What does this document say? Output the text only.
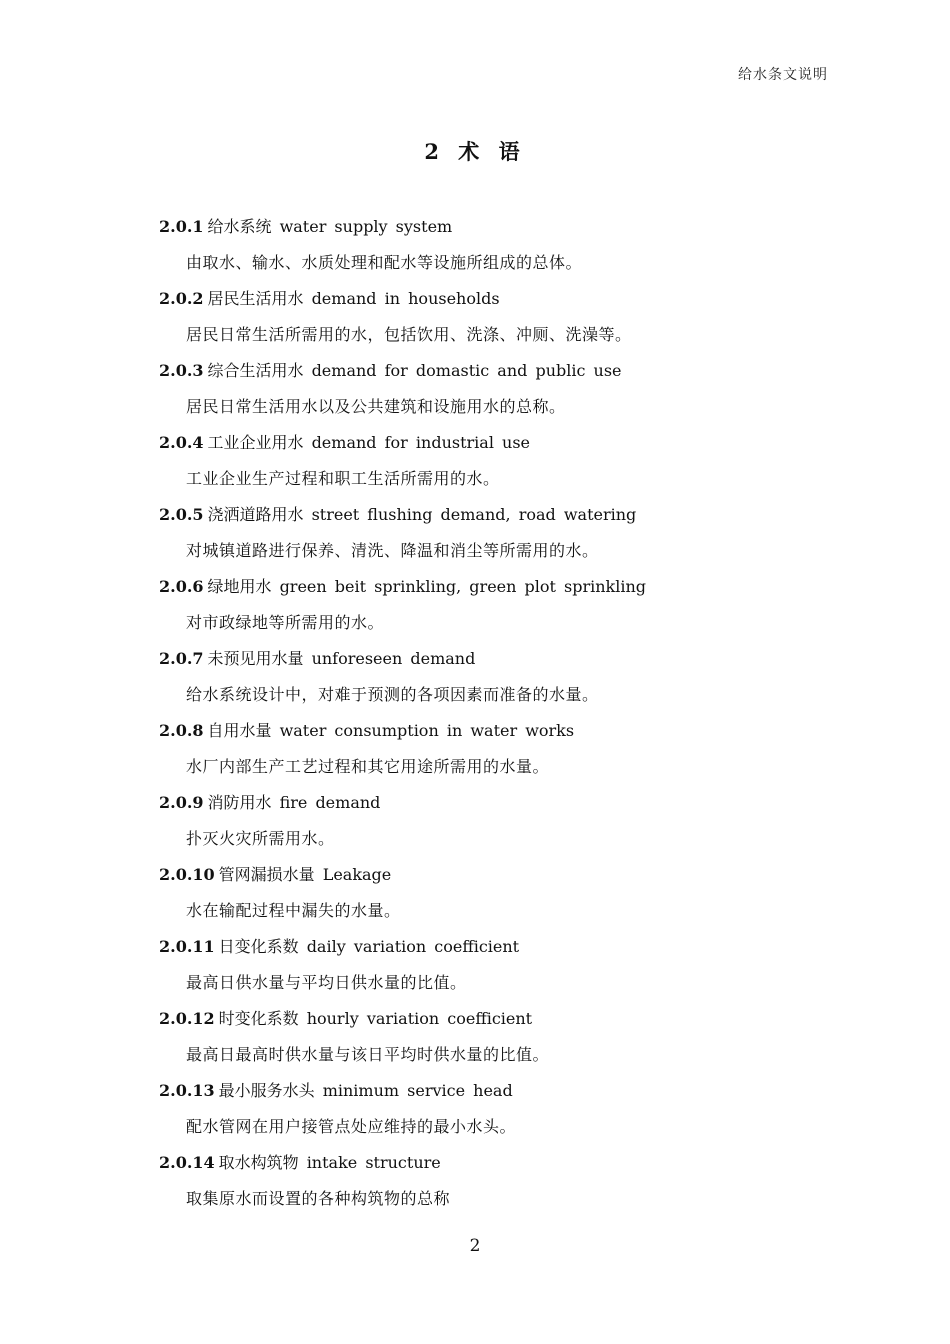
给水条文说明
2 术 语
2.0.1 给水系统 water supply system
由取水、输水、水质处理和配水等设施所组成的总体。
2.0.2 居民生活用水 demand in households
居民日常生活所需用的水，包括饮用、洗涤、冲厕、洗澡等。
2.0.3 综合生活用水 demand for domastic and public use
居民日常生活用水以及公共建筑和设施用水的总称。
2.0.4 工业企业用水 demand for industrial use
工业企业生产过程和职工生活所需用的水。
2.0.5 浇洒道路用水 street flushing demand, road watering
对城镇道路进行保养、清洗、降温和消尘等所需用的水。
2.0.6 绿地用水 green beit sprinkling, green plot sprinkling
对市政绿地等所需用的水。
2.0.7 未预见用水量 unforeseen demand
给水系统设计中，对难于预测的各项因素而准备的水量。
2.0.8 自用水量 water consumption in water works
水厂内部生产工艺过程和其它用途所需用的水量。
2.0.9 消防用水 fire demand
扑灭火灾所需用水。
2.0.10 管网漏损水量 Leakage
水在输配过程中漏失的水量。
2.0.11 日变化系数 daily variation coefficient
最高日供水量与平均日供水量的比值。
2.0.12 时变化系数 hourly variation coefficient
最高日最高时供水量与该日平均时供水量的比值。
2.0.13 最小服务水头 minimum service head
配水管网在用户接管点处应维持的最小水头。
2.0.14 取水构筑物 intake structure
取集原水而设置的各种构筑物的总称
2
